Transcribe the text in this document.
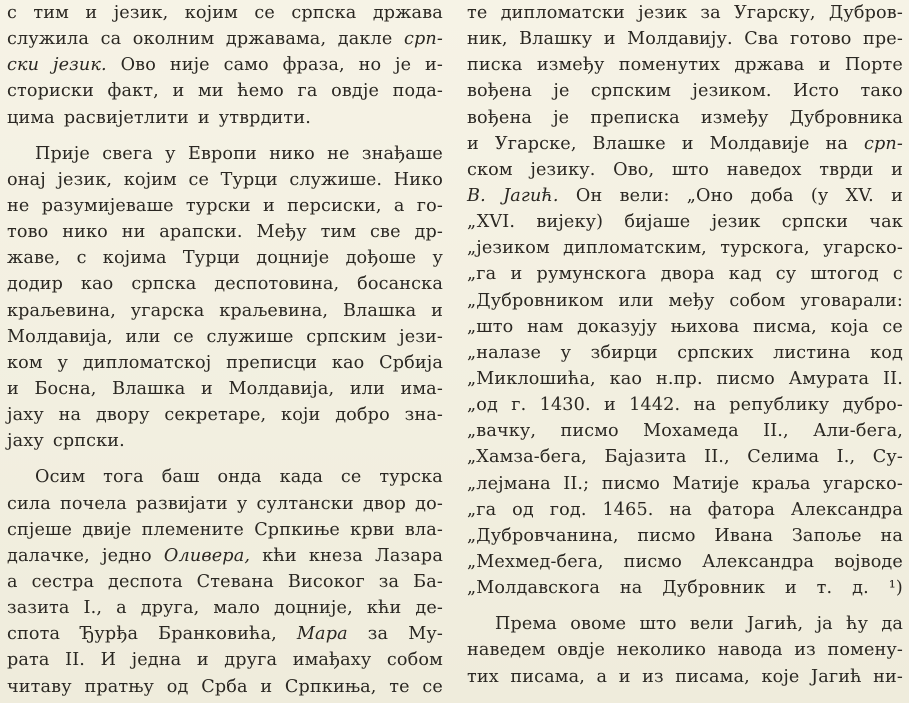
с тим и језик, којим се српска држава
служила са околним државама, дакле срп-
ски језик. Ово није само фраза, но је и-
сториски факт, и ми ћемо га овдје пода-
цима расвијетлити и утврдити.
Прије свега у Европи нико не знађаше
онај језик, којим се Турци служише. Нико
не разумијеваше турски и персиски, а го-
тово нико ни арапски. Међу тим све др-
жаве, с којима Турци доцније дођоше у
додир као српска деспотовина, босанска
краљевина, угарска краљевина, Влашка и
Молдавија, или се служише српским јези-
ком у дипломатској преписци као Србија
и Босна, Влашка и Молдавија, или има-
јаху на двору секретаре, који добро зна-
јаху српски.
Осим тога баш онда када се турска
сила почела развијати у султански двор до-
спјеше двије племените Српкиње крви вла-
далачке, једно Оливера, кћи кнеза Лазара
а сестра деспота Стевана Високог за Ба-
зазита I., а друга, мало доцније, кћи де-
спота Ђурђа Бранковића, Мара за Му-
рата II. И једна и друга имађаху собом
читаву пратњу од Срба и Српкиња, те се
те дипломатски језик за Угарску, Дубров-
ник, Влашку и Молдавију. Сва готово пре-
писка између поменутих држава и Порте
вођена је српским језиком. Исто тако
вођена је преписка између Дубровника
и Угарске, Влашке и Молдавије на срп-
ском језику. Ово, што наведох тврди и
В. Јагић. Он вели: „Оно доба (у XV. и
„XVI. вијеку) бијаше језик српски чак
„језиком дипломатским, турскога, угарско-
„га и румунскога двора кад су штогод с
„Дубровником или међу собом уговарали:
„што нам доказују њихова писма, која се
„налазе у збирци српских листина код
„Миклошића, као н.пр. писмо Амурата II.
„од г. 1430. и 1442. на републику дубро-
„вачку, писмо Мохамеда II., Али-бега,
„Хамза-бега, Бајазита II., Селима I., Су-
„лејмана II.; писмо Матије краља угарско-
„га од год. 1465. на фатора Александра
„Дубровчанина, писмо Ивана Запоље на
„Мехмед-бега, писмо Александра војводе
„Молдавскога на Дубровник и т. д. ¹)
Према овоме што вели Јагић, ја ћу да
наведем овдје неколико навода из помену-
тих писама, а и из писама, које Јагић ни-
